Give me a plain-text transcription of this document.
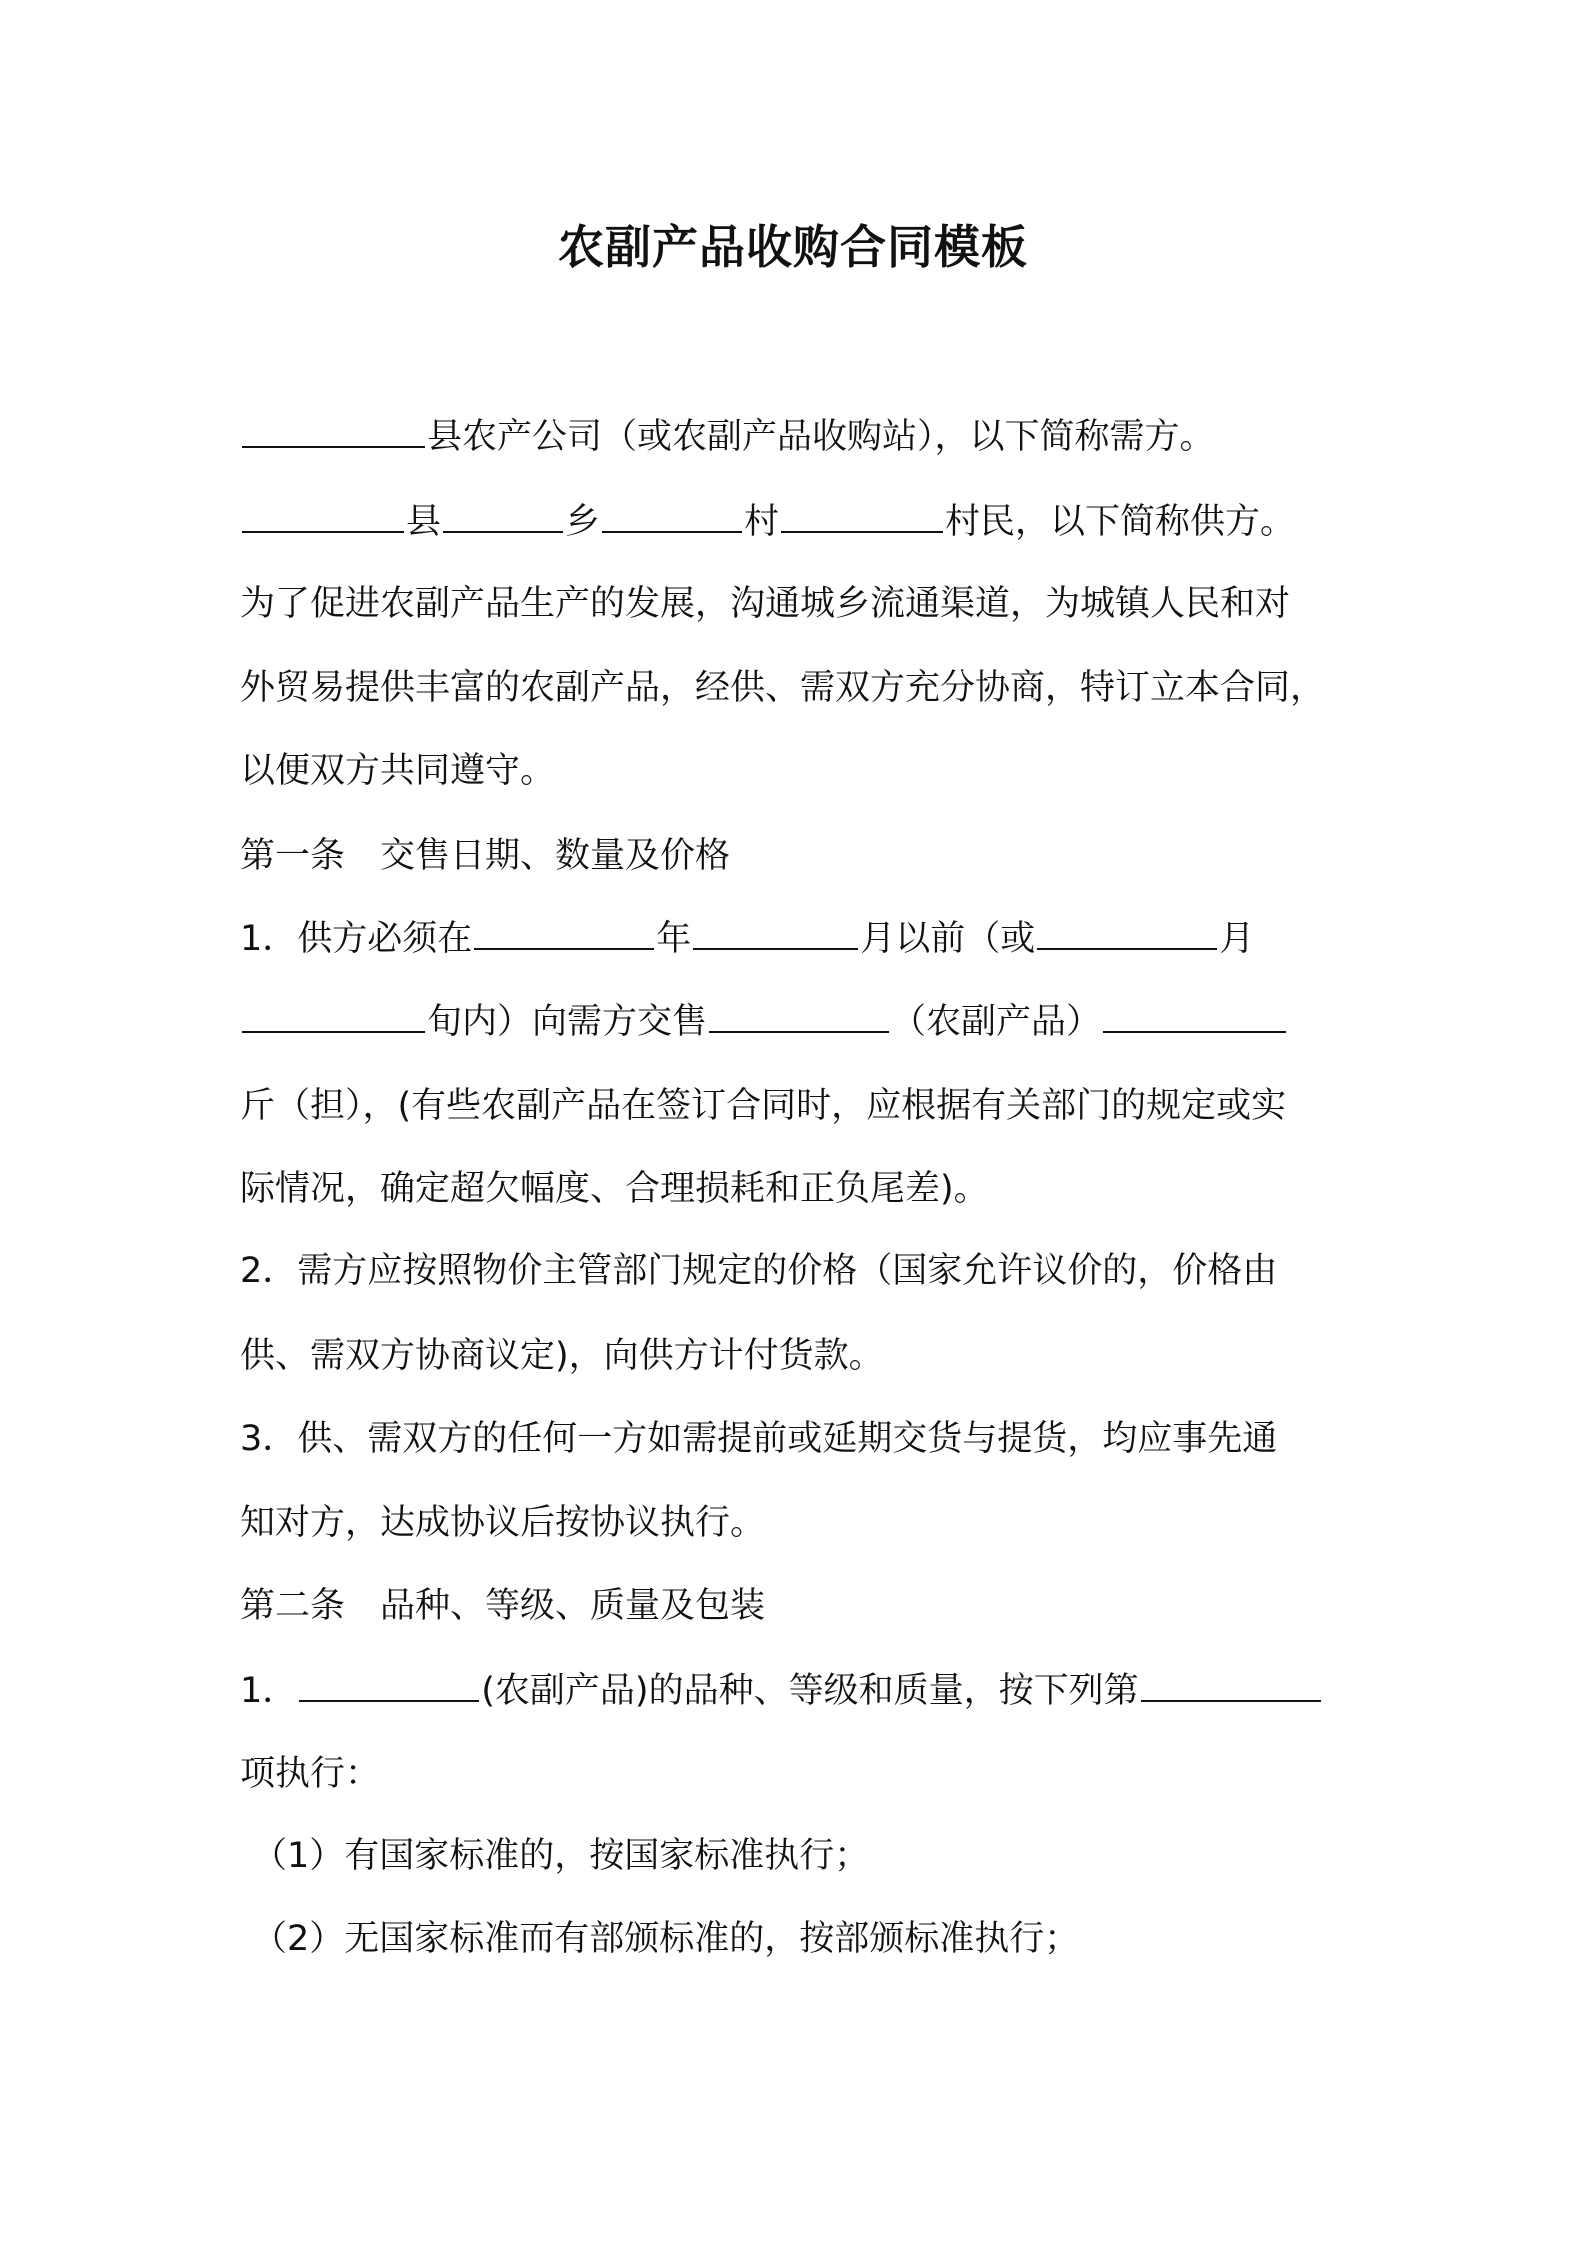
农副产品收购合同模板
县农产公司（或农副产品收购站），以下简称需方。
县	乡	村	村民，以下简称供方。
为了促进农副产品生产的发展，沟通城乡流通渠道，为城镇人民和对
外贸易提供丰富的农副产品，经供、需双方充分协商，特订立本合同，
以便双方共同遵守。
第一条　交售日期、数量及价格
1．供方必须在	年	月以前（或	月
旬内）向需方交售	（农副产品）
斤（担），(有些农副产品在签订合同时，应根据有关部门的规定或实
际情况，确定超欠幅度、合理损耗和正负尾差)。
2．需方应按照物价主管部门规定的价格（国家允许议价的，价格由
供、需双方协商议定)，向供方计付货款。
3．供、需双方的任何一方如需提前或延期交货与提货，均应事先通
知对方，达成协议后按协议执行。
第二条　品种、等级、质量及包装
1．	(农副产品)的品种、等级和质量，按下列第
项执行：
（1）有国家标准的，按国家标准执行；
（2）无国家标准而有部颁标准的，按部颁标准执行；
